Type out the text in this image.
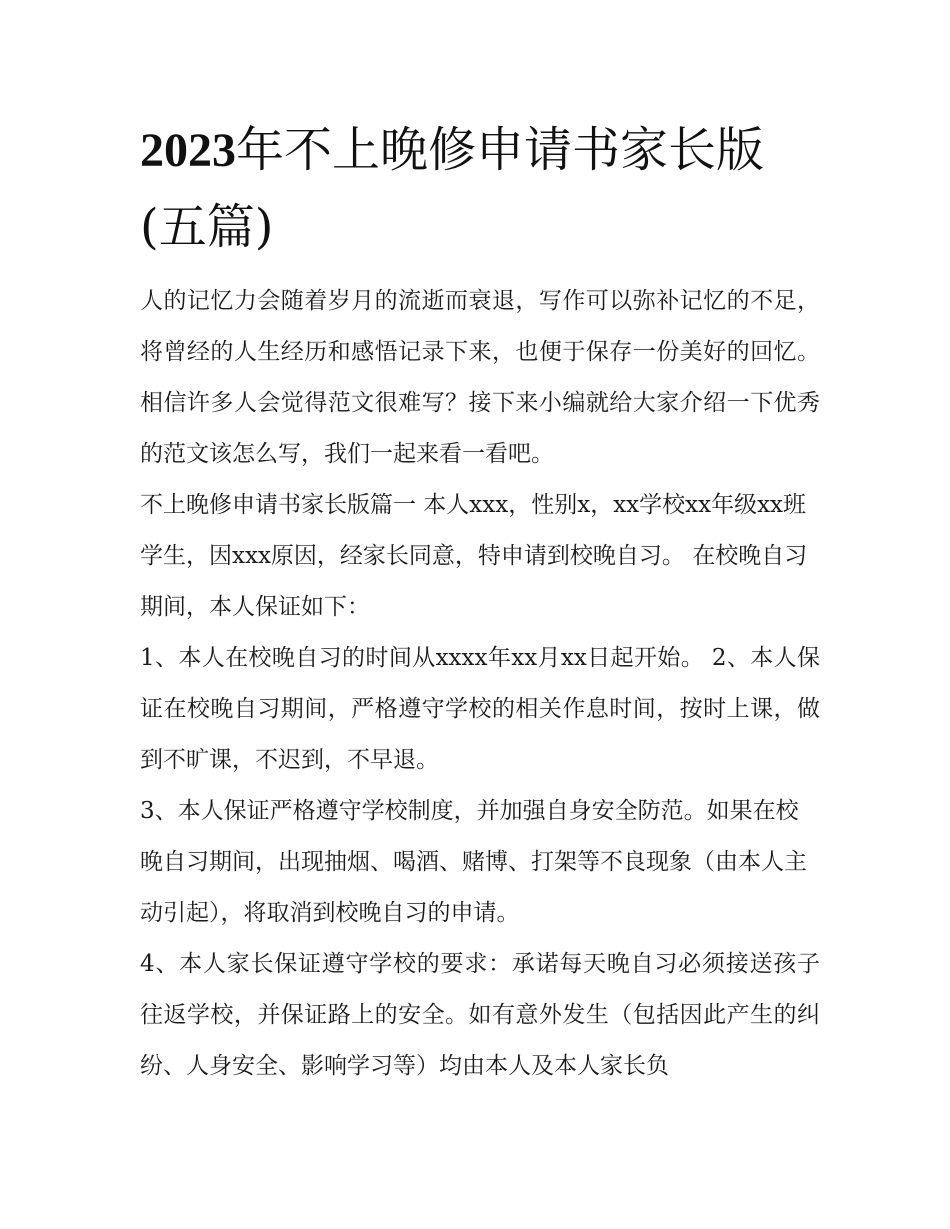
2023年不上晚修申请书家长版
(五篇)

人的记忆力会随着岁月的流逝而衰退，写作可以弥补记忆的不足，将曾经的人生经历和感悟记录下来，也便于保存一份美好的回忆。相信许多人会觉得范文很难写？接下来小编就给大家介绍一下优秀的范文该怎么写，我们一起来看一看吧。

不上晚修申请书家长版篇一 本人xxx，性别x，xx学校xx年级xx班学生，因xxx原因，经家长同意，特申请到校晚自习。 在校晚自习期间，本人保证如下：

1、本人在校晚自习的时间从xxxx年xx月xx日起开始。 2、本人保证在校晚自习期间，严格遵守学校的相关作息时间，按时上课，做到不旷课，不迟到，不早退。

3、本人保证严格遵守学校制度，并加强自身安全防范。如果在校晚自习期间，出现抽烟、喝酒、赌博、打架等不良现象（由本人主动引起），将取消到校晚自习的申请。

4、本人家长保证遵守学校的要求：承诺每天晚自习必须接送孩子往返学校，并保证路上的安全。如有意外发生（包括因此产生的纠纷、人身安全、影响学习等）均由本人及本人家长负
